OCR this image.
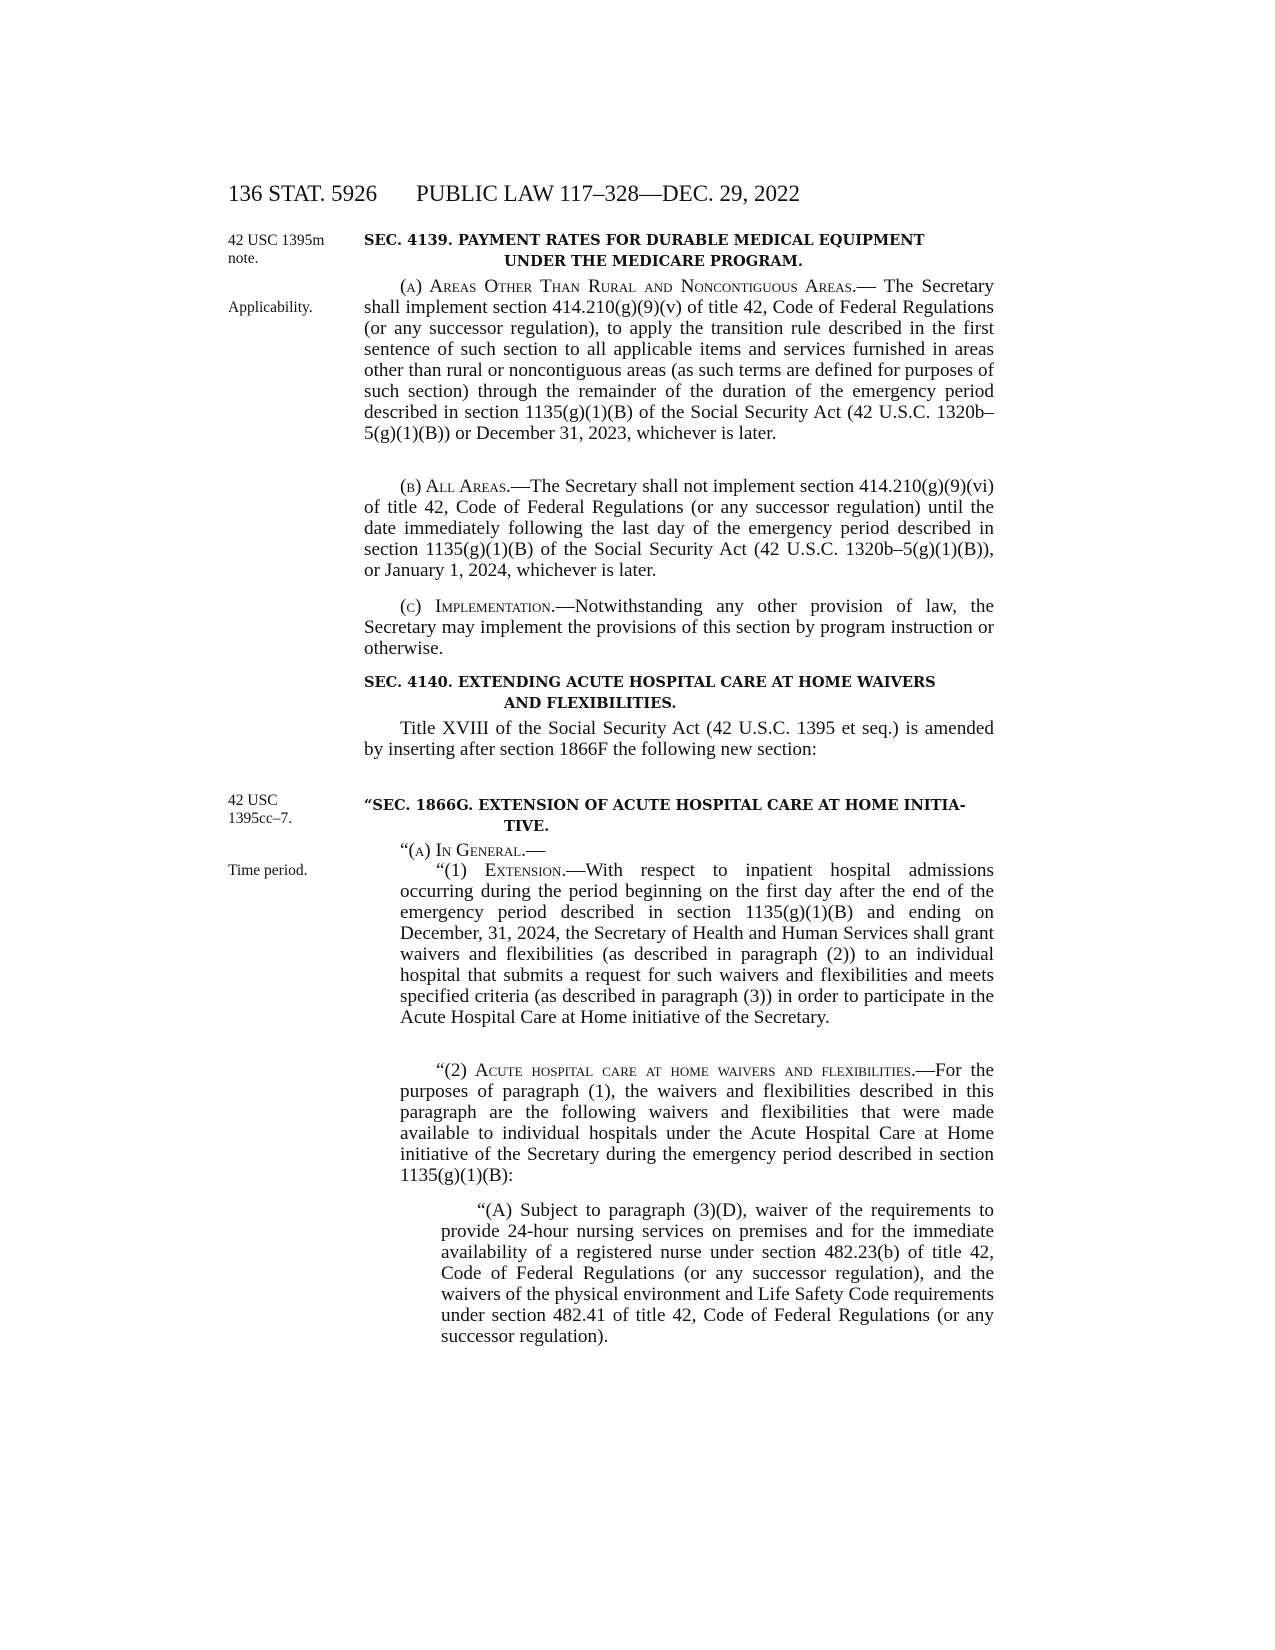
136 STAT. 5926 PUBLIC LAW 117–328—DEC. 29, 2022
42 USC 1395m note.
Applicability.
42 USC 1395cc–7.
Time period.
SEC. 4139. PAYMENT RATES FOR DURABLE MEDICAL EQUIPMENT
UNDER THE MEDICARE PROGRAM.
(a) Areas Other Than Rural and Noncontiguous Areas.— The Secretary shall implement section 414.210(g)(9)(v) of title 42, Code of Federal Regulations (or any successor regulation), to apply the transition rule described in the first sentence of such section to all applicable items and services furnished in areas other than rural or noncontiguous areas (as such terms are defined for purposes of such section) through the remainder of the duration of the emergency period described in section 1135(g)(1)(B) of the Social Security Act (42 U.S.C. 1320b–5(g)(1)(B)) or December 31, 2023, whichever is later.
(b) All Areas.—The Secretary shall not implement section 414.210(g)(9)(vi) of title 42, Code of Federal Regulations (or any successor regulation) until the date immediately following the last day of the emergency period described in section 1135(g)(1)(B) of the Social Security Act (42 U.S.C. 1320b–5(g)(1)(B)), or January 1, 2024, whichever is later.
(c) Implementation.—Notwithstanding any other provision of law, the Secretary may implement the provisions of this section by program instruction or otherwise.
SEC. 4140. EXTENDING ACUTE HOSPITAL CARE AT HOME WAIVERS
AND FLEXIBILITIES.
Title XVIII of the Social Security Act (42 U.S.C. 1395 et seq.) is amended by inserting after section 1866F the following new section:
“SEC. 1866G. EXTENSION OF ACUTE HOSPITAL CARE AT HOME INITIA-
TIVE.
“(a) In General.—
“(1) Extension.—With respect to inpatient hospital admissions occurring during the period beginning on the first day after the end of the emergency period described in section 1135(g)(1)(B) and ending on December, 31, 2024, the Secretary of Health and Human Services shall grant waivers and flexibilities (as described in paragraph (2)) to an individual hospital that submits a request for such waivers and flexibilities and meets specified criteria (as described in paragraph (3)) in order to participate in the Acute Hospital Care at Home initiative of the Secretary.
“(2) Acute hospital care at home waivers and flexibilities.—For the purposes of paragraph (1), the waivers and flexibilities described in this paragraph are the following waivers and flexibilities that were made available to individual hospitals under the Acute Hospital Care at Home initiative of the Secretary during the emergency period described in section 1135(g)(1)(B):
“(A) Subject to paragraph (3)(D), waiver of the requirements to provide 24-hour nursing services on premises and for the immediate availability of a registered nurse under section 482.23(b) of title 42, Code of Federal Regulations (or any successor regulation), and the waivers of the physical environment and Life Safety Code requirements under section 482.41 of title 42, Code of Federal Regulations (or any successor regulation).
